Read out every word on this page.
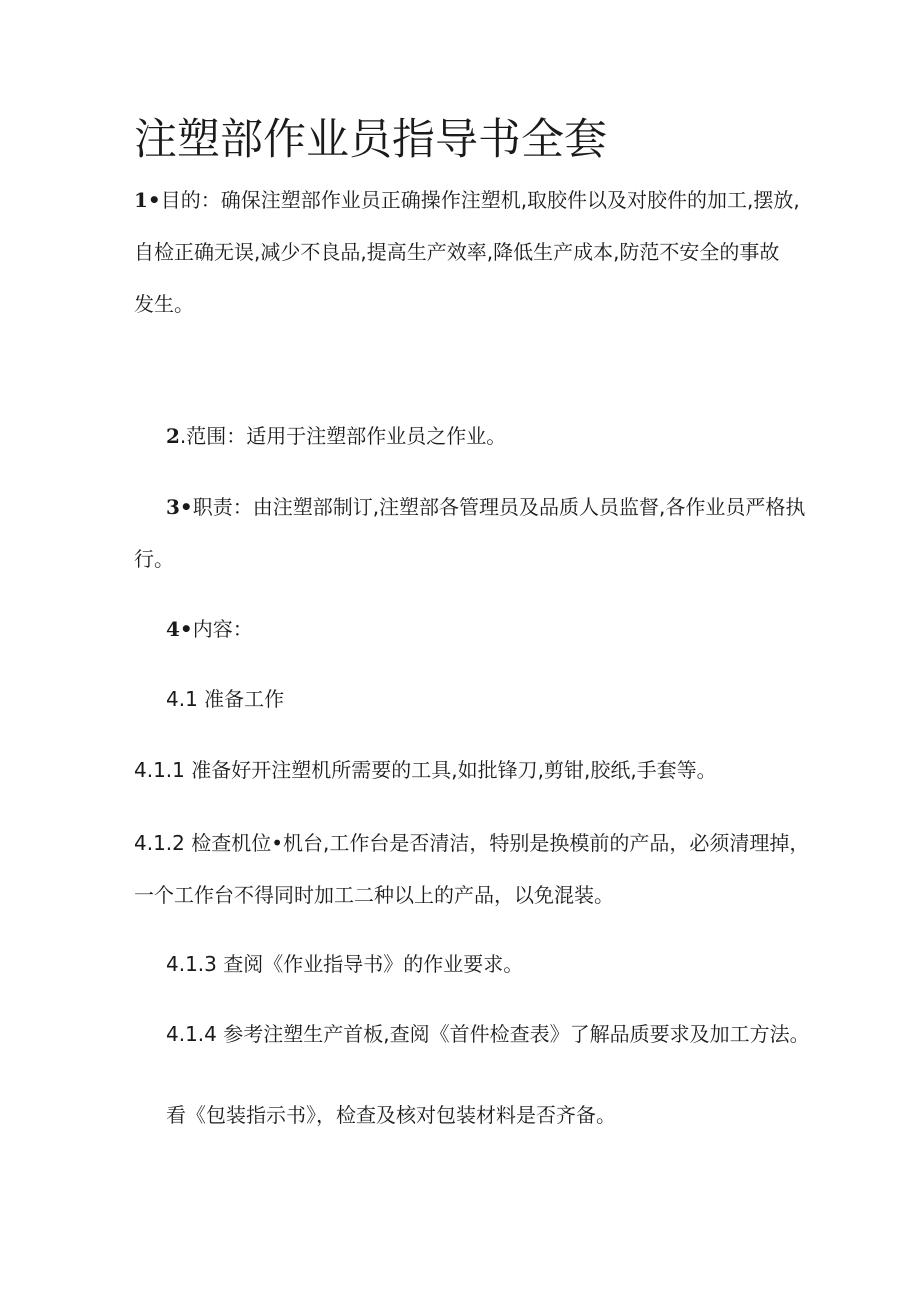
注塑部作业员指导书全套
1•目的：确保注塑部作业员正确操作注塑机,取胶件以及对胶件的加工,摆放,
自检正确无误,减少不良品,提高生产效率,降低生产成本,防范不安全的事故
发生。
2.范围：适用于注塑部作业员之作业。
3•职责：由注塑部制订,注塑部各管理员及品质人员监督,各作业员严格执
行。
4•内容：
4.1 准备工作
4.1.1 准备好开注塑机所需要的工具,如批锋刀,剪钳,胶纸,手套等。
4.1.2 检查机位•机台,工作台是否清洁，特别是换模前的产品，必须清理掉，
一个工作台不得同时加工二种以上的产品，以免混装。
4.1.3 查阅《作业指导书》的作业要求。
4.1.4 参考注塑生产首板,查阅《首件检查表》了解品质要求及加工方法。
看《包装指示书》，检查及核对包装材料是否齐备。
